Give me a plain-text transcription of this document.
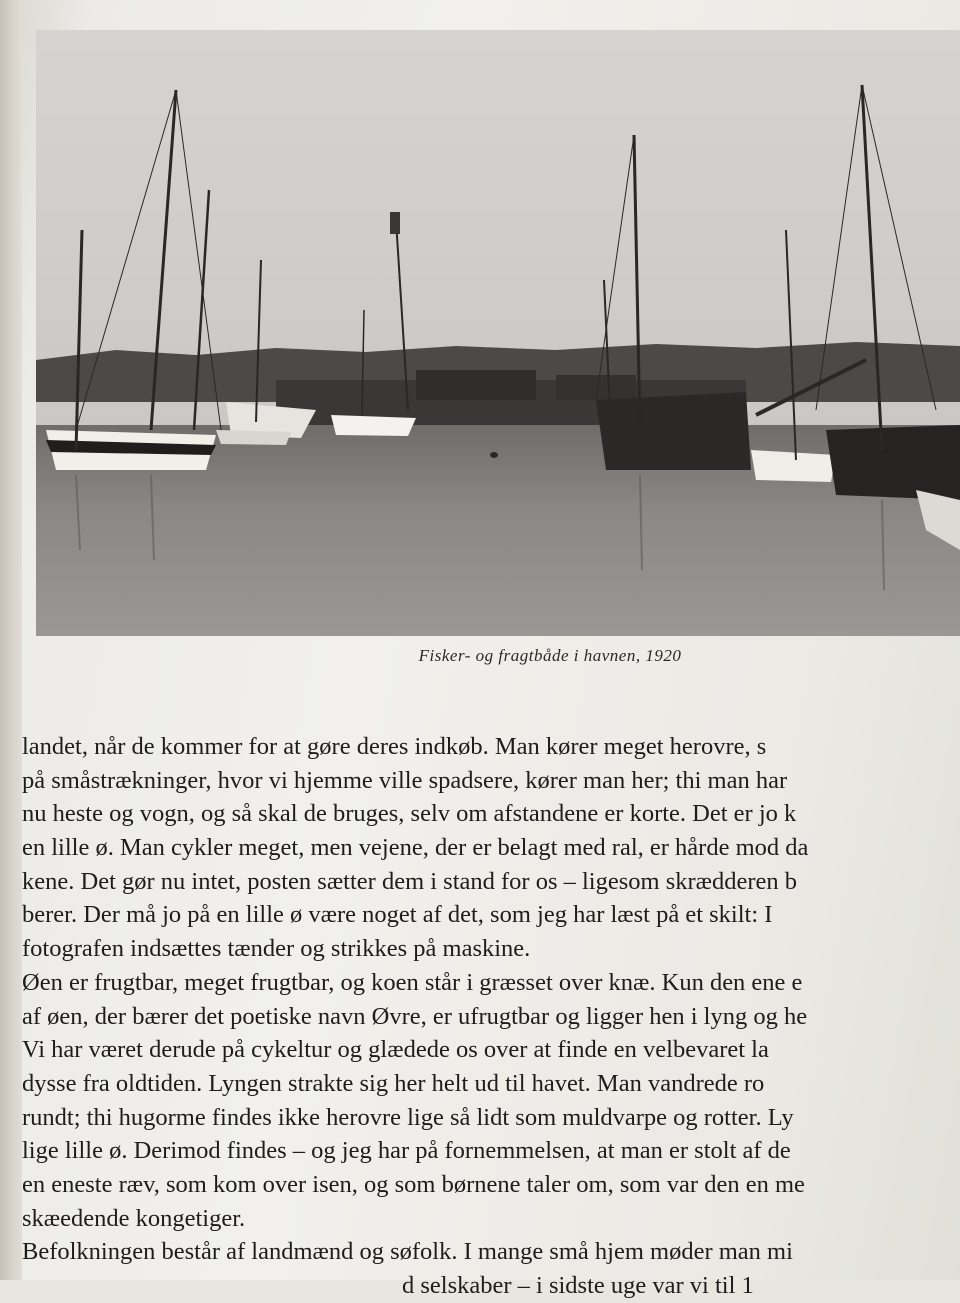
Fisker- og fragtbåde i havnen, 1920
landet, når de kommer for at gøre deres indkøb. Man kører meget herovre, s
på småstrækninger, hvor vi hjemme ville spadsere, kører man her; thi man har
nu heste og vogn, og så skal de bruges, selv om afstandene er korte. Det er jo k
en lille ø. Man cykler meget, men vejene, der er belagt med ral, er hårde mod da
kene. Det gør nu intet, posten sætter dem i stand for os – ligesom skrædderen b
berer. Der må jo på en lille ø være noget af det, som jeg har læst på et skilt: I
fotografen indsættes tænder og strikkes på maskine.
Øen er frugtbar, meget frugtbar, og koen står i græsset over knæ. Kun den ene e
af øen, der bærer det poetiske navn Øvre, er ufrugtbar og ligger hen i lyng og he
Vi har været derude på cykeltur og glædede os over at finde en velbevaret la
dysse fra oldtiden. Lyngen strakte sig her helt ud til havet. Man vandrede ro
rundt; thi hugorme findes ikke herovre lige så lidt som muldvarpe og rotter. Ly
lige lille ø. Derimod findes – og jeg har på fornemmelsen, at man er stolt af de
en eneste ræv, som kom over isen, og som børnene taler om, som var den en me
skæedende kongetiger.
Befolkningen består af landmænd og søfolk. I mange små hjem møder man mi
d selskaber – i sidste uge var vi til 1
